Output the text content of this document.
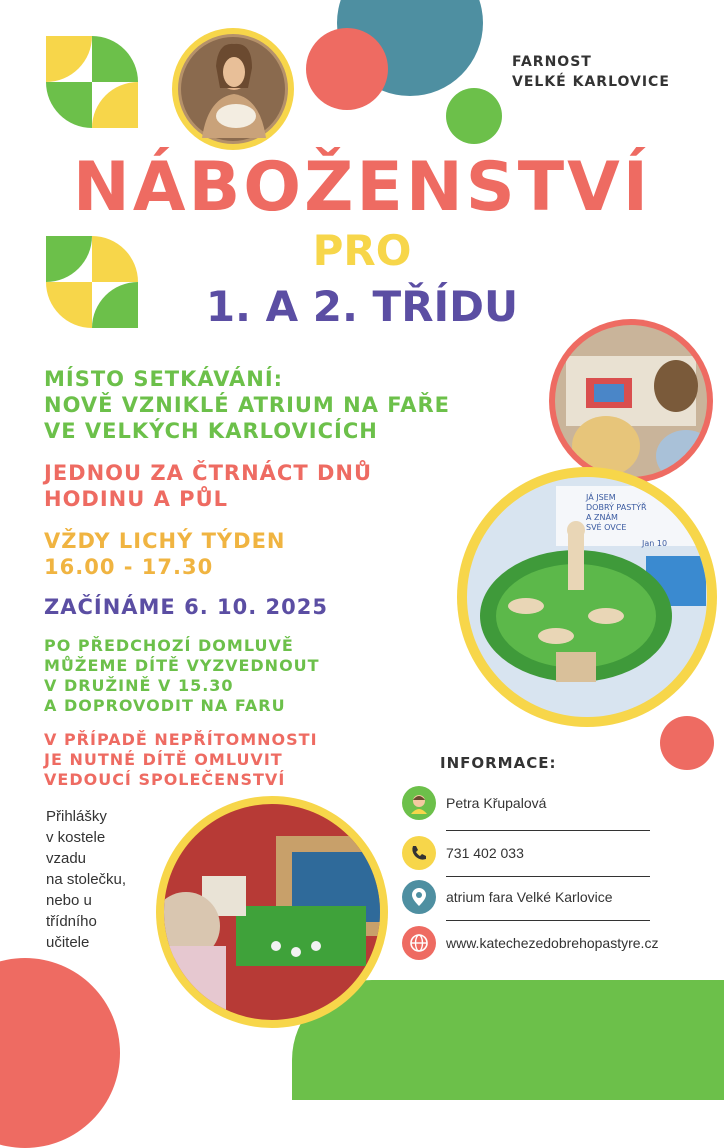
FARNOST
VELKÉ KARLOVICE
NÁBOŽENSTVÍ
PRO
1. A 2. TŘÍDU
MÍSTO SETKÁVÁNÍ:
NOVĚ VZNIKLÉ ATRIUM NA FAŘE
VE VELKÝCH KARLOVICÍCH
JEDNOU ZA ČTRNÁCT DNŮ
HODINU A PŮL
VŽDY LICHÝ TÝDEN
16.00 - 17.30
ZAČÍNÁME 6. 10. 2025
PO PŘEDCHOZÍ DOMLUVĚ
MŮŽEME DÍTĚ VYZVEDNOUT
V DRUŽINĚ V 15.30
A DOPROVODIT NA FARU
V PŘÍPADĚ NEPŘÍTOMNOSTI
JE NUTNÉ DÍTĚ OMLUVIT
VEDOUCÍ SPOLEČENSTVÍ
Přihlášky
v kostele
vzadu
na stolečku,
nebo u
třídního
učitele
JÁ JSEM
DOBRÝ PASTÝŘ
A ZNÁM
SVÉ OVCE
Jan 10
INFORMACE:
Petra Křupalová
731 402 033
atrium fara Velké Karlovice
www.katechezedobrehopastyre.cz
